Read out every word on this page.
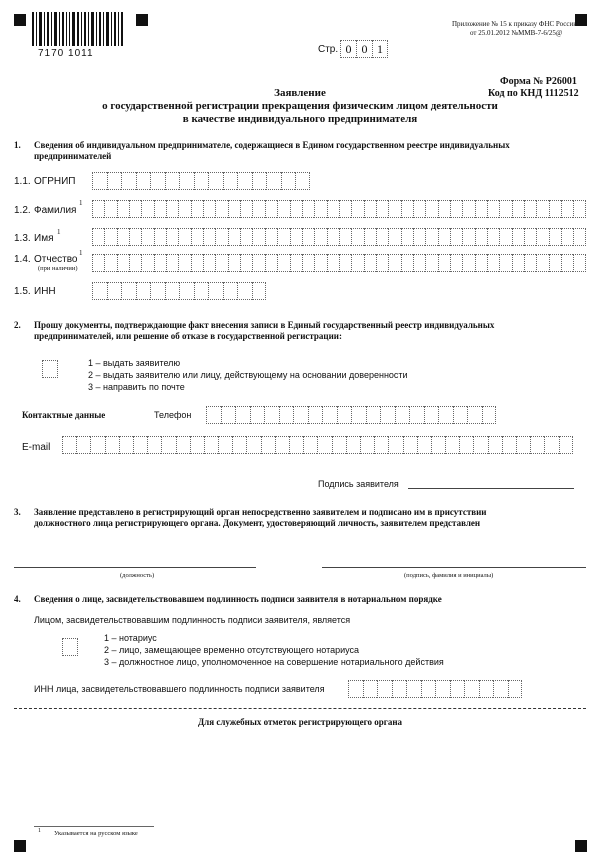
7170 1011
Приложение № 15 к приказу ФНС России
от 25.01.2012 №ММВ-7-6/25@
Стр. 0 0 1
Форма № Р26001
Код по КНД 1112512
Заявление
о государственной регистрации прекращения физическим лицом деятельности
в качестве индивидуального предпринимателя
1. Сведения об индивидуальном предпринимателе, содержащиеся в Едином государственном реестре индивидуальных
предпринимателей
1.1. ОГРНИП
1.2. Фамилия
1
1.3. Имя
1
1.4. Отчество
1
(при наличии)
1.5. ИНН
2. Прошу документы, подтверждающие факт внесения записи в Единый государственный реестр индивидуальных
предпринимателей, или решение об отказе в государственной регистрации:
1 – выдать заявителю
2 – выдать заявителю или лицу, действующему на основании доверенности
3 – направить по почте
Контактные данные	Телефон
E-mail
Подпись заявителя
3. Заявление представлено в регистрирующий орган непосредственно заявителем и подписано им в присутствии
должностного лица регистрирующего органа. Документ, удостоверяющий личность, заявителем представлен
(должность)	(подпись, фамилия и инициалы)
4. Сведения о лице, засвидетельствовавшем подлинность подписи заявителя в нотариальном порядке
Лицом, засвидетельствовавшим подлинность подписи заявителя, является
1 – нотариус
2 – лицо, замещающее временно отсутствующего нотариуса
3 – должностное лицо, уполномоченное на совершение нотариального действия
ИНН лица, засвидетельствовавшего подлинность подписи заявителя
Для служебных отметок регистрирующего органа
1 Указывается на русском языке
